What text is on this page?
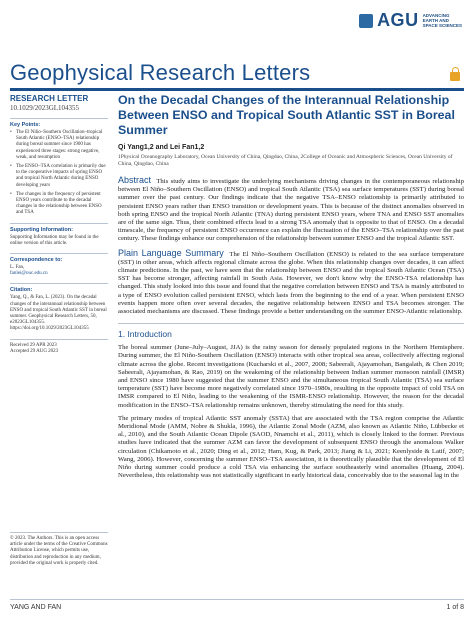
AGU ADVANCING
EARTH AND
SPACE SCIENCES
Geophysical Research Letters
RESEARCH LETTER
10.1029/2023GL104355
Key Points:
• The El Niño–Southern Oscillation–tropical South Atlantic (ENSO–TSA) relationship during boreal summer since 1900 has experienced three stages: strong negative, weak, and resumption
• The ENSO–TSA correlation is primarily due to the cooperative impacts of spring ENSO and tropical North Atlantic during ENSO developing years
• The changes in the frequency of persistent ENSO years contribute to the decadal changes in the relationship between ENSO and TSA
Supporting Information:
Supporting Information may be found in the online version of this article.
Correspondence to:
L. Fan,
fanlei@ouc.edu.cn
Citation:
Yang, Q., & Fan, L. (2023). On the decadal changes of the interannual relationship between ENSO and tropical South Atlantic SST in boreal summer. Geophysical Research Letters, 50, e2023GL104355. https://doi.org/10.1029/2023GL104355
Received 29 APR 2023
Accepted 29 AUG 2023
© 2023. The Authors. This is an open access article under the terms of the Creative Commons Attribution License, which permits use, distribution and reproduction in any medium, provided the original work is properly cited.
On the Decadal Changes of the Interannual Relationship Between ENSO and Tropical South Atlantic SST in Boreal Summer
Qi Yang1,2 and Lei Fan1,2
1Physical Oceanography Laboratory, Ocean University of China, Qingdao, China, 2College of Oceanic and Atmospheric Sciences, Ocean University of China, Qingdao, China
Abstract This study aims to investigate the underlying mechanisms driving changes in the contemporaneous relationship between El Niño–Southern Oscillation (ENSO) and tropical South Atlantic (TSA) sea surface temperatures (SST) during boreal summer over the past century. Our findings indicate that the negative TSA–ENSO relationship is primarily attributed to persistent ENSO years rather than ENSO transition or development years. This is because of the distinct anomalies observed in both spring ENSO and the tropical North Atlantic (TNA) during persistent ENSO years, where TNA and ENSO SST anomalies are of the same sign. Thus, their combined effects lead to a strong TSA anomaly that is opposite to that of ENSO. On a decadal timescale, the frequency of persistent ENSO occurrence can explain the fluctuation of the ENSO–TSA relationship over the past century. These findings enhance our comprehension of the relationship between summer ENSO and the tropical Atlantic SST.
Plain Language Summary The El Niño–Southern Oscillation (ENSO) is related to the sea surface temperature (SST) in other areas, which affects regional climate across the globe. When this relationship changes over decades, it can affect climate predictions. In the past, we have seen that the relationship between ENSO and the tropical South Atlantic Ocean (TSA) SST has become stronger, affecting rainfall in South Asia. However, we don't know why the ENSO-TSA relationship has changed. This study looked into this issue and found that the negative correlation between ENSO and TSA is mainly attributed to a type of ENSO evolution called persistent ENSO, which lasts from the beginning to the end of a year. When persistent ENSO events happen more often over several decades, the negative relationship between ENSO and TSA becomes stronger. The associated mechanisms are discussed. These findings provide a better understanding on the summer ENSO-Atlantic relationship.
1. Introduction

The boreal summer (June–July–August, JJA) is the rainy season for densely populated regions in the Northern Hemisphere. During summer, the El Niño-Southern Oscillation (ENSO) interacts with other tropical sea areas, collectively affecting regional climate across the globe. Recent investigations (Kucharski et al., 2007, 2008; Sabeerali, Ajayamohan, Bangalath, & Chen 2019; Sabeerali, Ajayamohan, & Rao, 2019) on the weakening of the relationship between Indian summer monsoon rainfall (IMSR) and ENSO since 1980 have suggested that the summer ENSO and the simultaneous tropical South Atlantic (TSA) sea surface temperature (SST) have become more negatively correlated since 1970–1980s, resulting in the opposite impact of cold TSA on IMSR compared to El Niño, leading to the weakening of the ISMR-ENSO relationship. However, the reason for the decadal modification in the ENSO–TSA relationship remains unknown, thereby stimulating the need for this study.

The primary modes of tropical Atlantic SST anomaly (SSTA) that are associated with the TSA region comprise the Atlantic Meridional Mode (AMM, Nobre & Shukla, 1996), the Atlantic Zonal Mode (AZM, also known as Atlantic Niño, Lübbecke et al., 2010), and the South Atlantic Ocean Dipole (SAOD, Nnamchi et al., 2011), which is closely linked to the former. Previous studies have indicated that the summer AZM can favor the development of subsequent ENSO through the anomalous Walker circulation (Chikamoto et al., 2020; Ding et al., 2012; Ham, Kug, & Park, 2013; Jiang & Li, 2021; Keenlyside & Latif, 2007; Wang, 2006). However, concerning the summer ENSO–TSA association, it is theoretically plausible that the development of El Niño during summer could produce a cold TSA via enhancing the surface southeasterly wind anomalies (Huang, 2004). Nevertheless, this relationship was not statistically significant in early historical data, conceivably due to the seasonal lag in the

YANG AND FAN	1 of 8
